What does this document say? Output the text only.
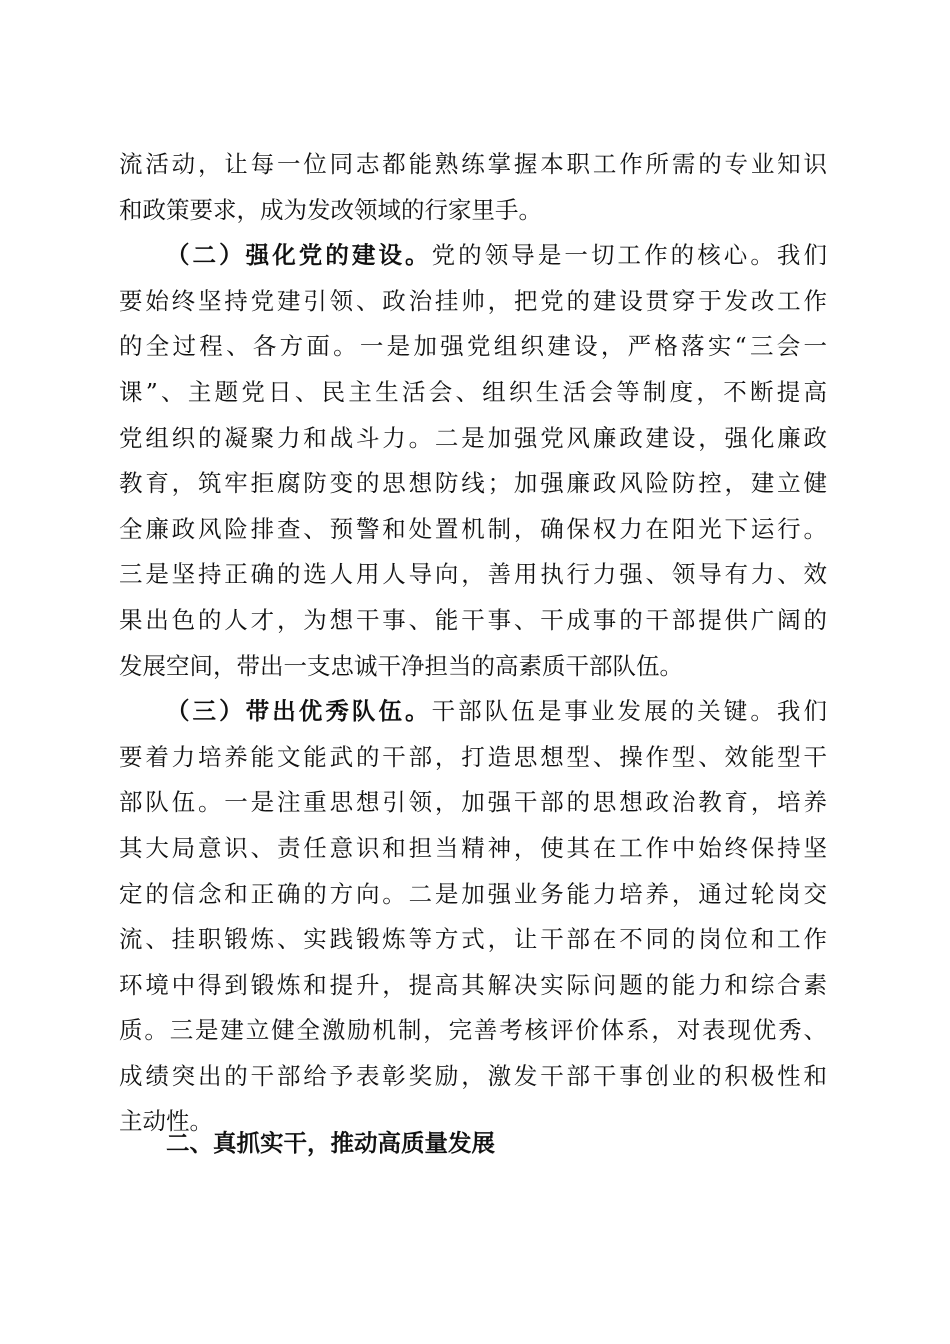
流活动，让每一位同志都能熟练掌握本职工作所需的专业知识
和政策要求，成为发改领域的行家里手。
（二）强化党的建设。党的领导是一切工作的核心。我们
要始终坚持党建引领、政治挂帅，把党的建设贯穿于发改工作
的全过程、各方面。一是加强党组织建设，严格落实“三会一
课”、主题党日、民主生活会、组织生活会等制度，不断提高
党组织的凝聚力和战斗力。二是加强党风廉政建设，强化廉政
教育，筑牢拒腐防变的思想防线；加强廉政风险防控，建立健
全廉政风险排查、预警和处置机制，确保权力在阳光下运行。
三是坚持正确的选人用人导向，善用执行力强、领导有力、效
果出色的人才，为想干事、能干事、干成事的干部提供广阔的
发展空间，带出一支忠诚干净担当的高素质干部队伍。
（三）带出优秀队伍。干部队伍是事业发展的关键。我们
要着力培养能文能武的干部，打造思想型、操作型、效能型干
部队伍。一是注重思想引领，加强干部的思想政治教育，培养
其大局意识、责任意识和担当精神，使其在工作中始终保持坚
定的信念和正确的方向。二是加强业务能力培养，通过轮岗交
流、挂职锻炼、实践锻炼等方式，让干部在不同的岗位和工作
环境中得到锻炼和提升，提高其解决实际问题的能力和综合素
质。三是建立健全激励机制，完善考核评价体系，对表现优秀、
成绩突出的干部给予表彰奖励，激发干部干事创业的积极性和
主动性。
二、真抓实干，推动高质量发展
